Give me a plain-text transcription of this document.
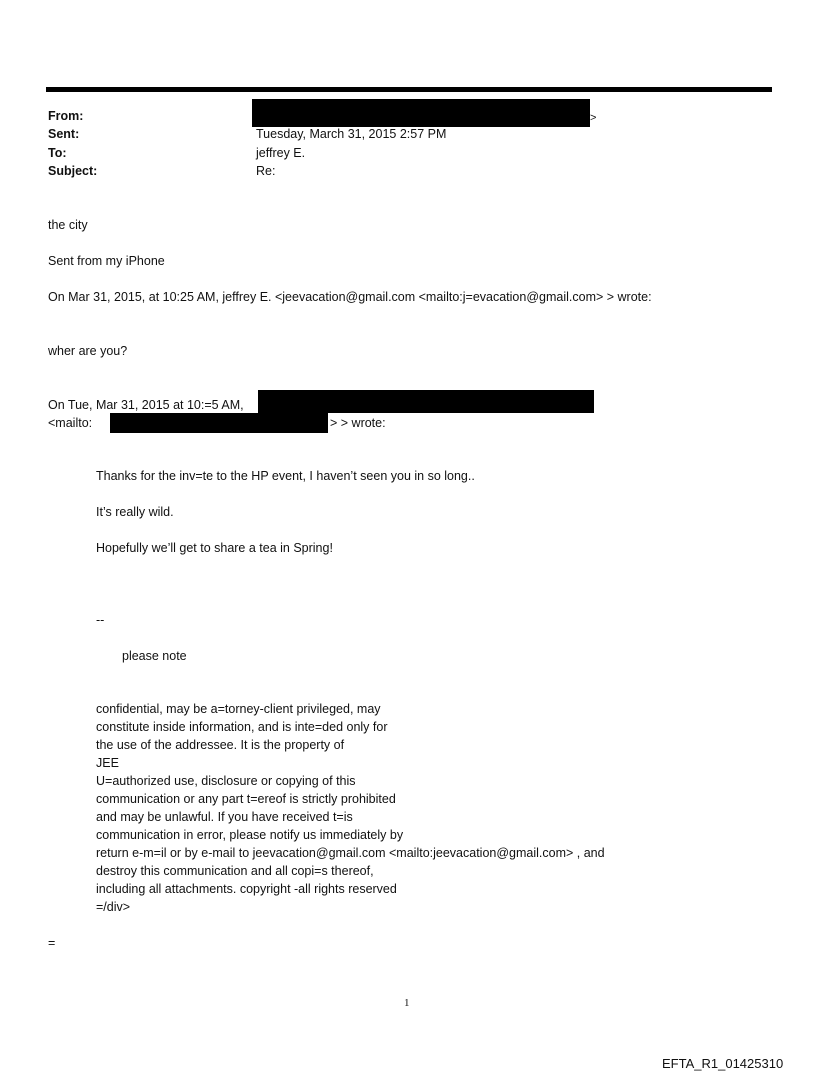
From:	>
Sent:	Tuesday, March 31, 2015 2:57 PM
To:	jeffrey E.
Subject:	Re:
the city
Sent from my iPhone
On Mar 31, 2015, at 10:25 AM, jeffrey E. <jeevacation@gmail.com <mailto:j=evacation@gmail.com> > wrote:
wher are you?
On Tue, Mar 31, 2015 at 10:=5 AM,
<mailto:	> > wrote:
Thanks for the inv=te to the HP event, I haven’t seen you in so long..
It’s really wild.
Hopefully we’ll get to share a tea in Spring!
--
please note
confidential, may be a=torney-client privileged, may
constitute inside information, and is inte=ded only for
the use of the addressee. It is the property of
JEE
U=authorized use, disclosure or copying of this
communication or any part t=ereof is strictly prohibited
and may be unlawful. If you have received t=is
communication in error, please notify us immediately by
return e-m=il or by e-mail to jeevacation@gmail.com <mailto:jeevacation@gmail.com> , and
destroy this communication and all copi=s thereof,
including all attachments. copyright -all rights reserved
=/div>
=
1
EFTA_R1_01425310
